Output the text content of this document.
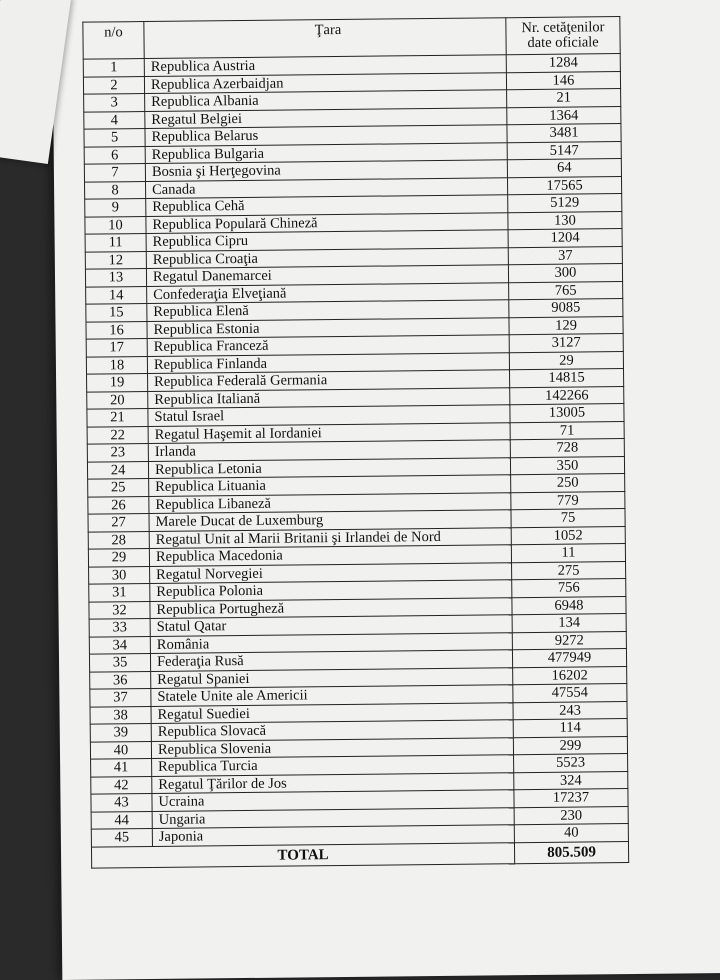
n/o	Ţara	Nr. cetăţenilor
date oficiale

1	Republica Austria	1284
2	Republica Azerbaidjan	146
3	Republica Albania	21
4	Regatul Belgiei	1364
5	Republica Belarus	3481
6	Republica Bulgaria	5147
7	Bosnia şi Herţegovina	64
8	Canada	17565
9	Republica Cehă	5129
10	Republica Populară Chineză	130
11	Republica Cipru	1204
12	Republica Croaţia	37
13	Regatul Danemarcei	300
14	Confederaţia Elveţiană	765
15	Republica Elenă	9085
16	Republica Estonia	129
17	Republica Franceză	3127
18	Republica Finlanda	29
19	Republica Federală Germania	14815
20	Republica Italiană	142266
21	Statul Israel	13005
22	Regatul Haşemit al Iordaniei	71
23	Irlanda	728
24	Republica Letonia	350
25	Republica Lituania	250
26	Republica Libaneză	779
27	Marele Ducat de Luxemburg	75
28	Regatul Unit al Marii Britanii şi Irlandei de Nord	1052
29	Republica Macedonia	11
30	Regatul Norvegiei	275
31	Republica Polonia	756
32	Republica Portugheză	6948
33	Statul Qatar	134
34	România	9272
35	Federaţia Rusă	477949
36	Regatul Spaniei	16202
37	Statele Unite ale Americii	47554
38	Regatul Suediei	243
39	Republica Slovacă	114
40	Republica Slovenia	299
41	Republica Turcia	5523
42	Regatul Ţărilor de Jos	324
43	Ucraina	17237
44	Ungaria	230
45	Japonia	40
TOTAL		805.509
